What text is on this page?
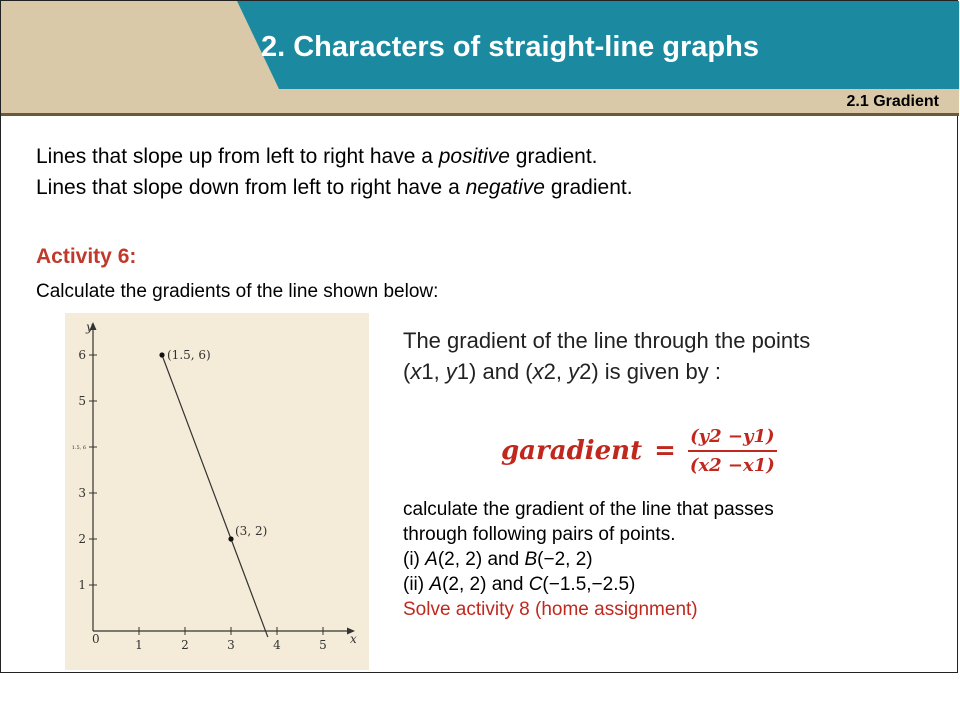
2. Characters of straight-line graphs
2.1 Gradient
Lines that slope up from left to right have a positive gradient.
Lines that slope down from left to right have a negative gradient.
Activity 6:
Calculate the gradients of the line shown below:
x
y
0	1	2	3	4	5
1
2
3
1.5, 6
5
6	(1.5, 6)
(3, 2)
The gradient of the line through the points
(x1, y1) and (x2, y2) is given by :
garadient = $\frac{(y2 -y1)}{(x2 -x1)}$
calculate the gradient of the line that passes
through following pairs of points.
(i) A(2, 2) and B(−2, 2)
(ii) A(2, 2) and C(−1.5,−2.5)
Solve activity 8 (home assignment)
